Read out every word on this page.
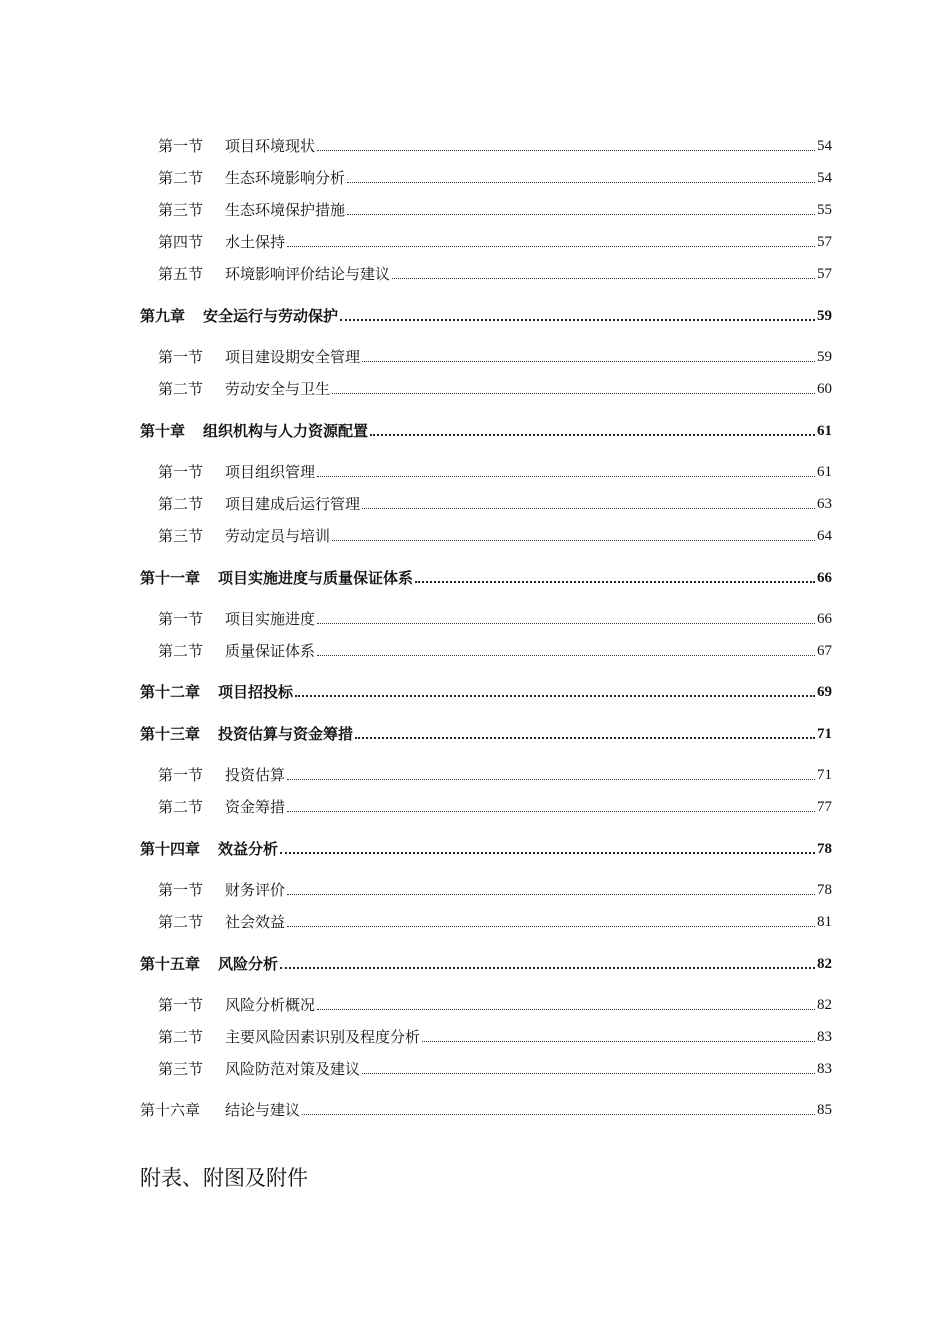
第一节	项目环境现状	54
第二节	生态环境影响分析	54
第三节	生态环境保护措施	55
第四节	水土保持	57
第五节	环境影响评价结论与建议	57
第九章 安全运行与劳动保护	59
第一节	项目建设期安全管理	59
第二节	劳动安全与卫生	60
第十章 组织机构与人力资源配置	61
第一节	项目组织管理	61
第二节	项目建成后运行管理	63
第三节	劳动定员与培训	64
第十一章 项目实施进度与质量保证体系	66
第一节	项目实施进度	66
第二节	质量保证体系	67
第十二章 项目招投标	69
第十三章 投资估算与资金筹措	71
第一节	投资估算	71
第二节	资金筹措	77
第十四章 效益分析	78
第一节	财务评价	78
第二节	社会效益	81
第十五章 风险分析	82
第一节	风险分析概况	82
第二节	主要风险因素识别及程度分析	83
第三节	风险防范对策及建议	83
第十六章	结论与建议	85
附表、附图及附件
